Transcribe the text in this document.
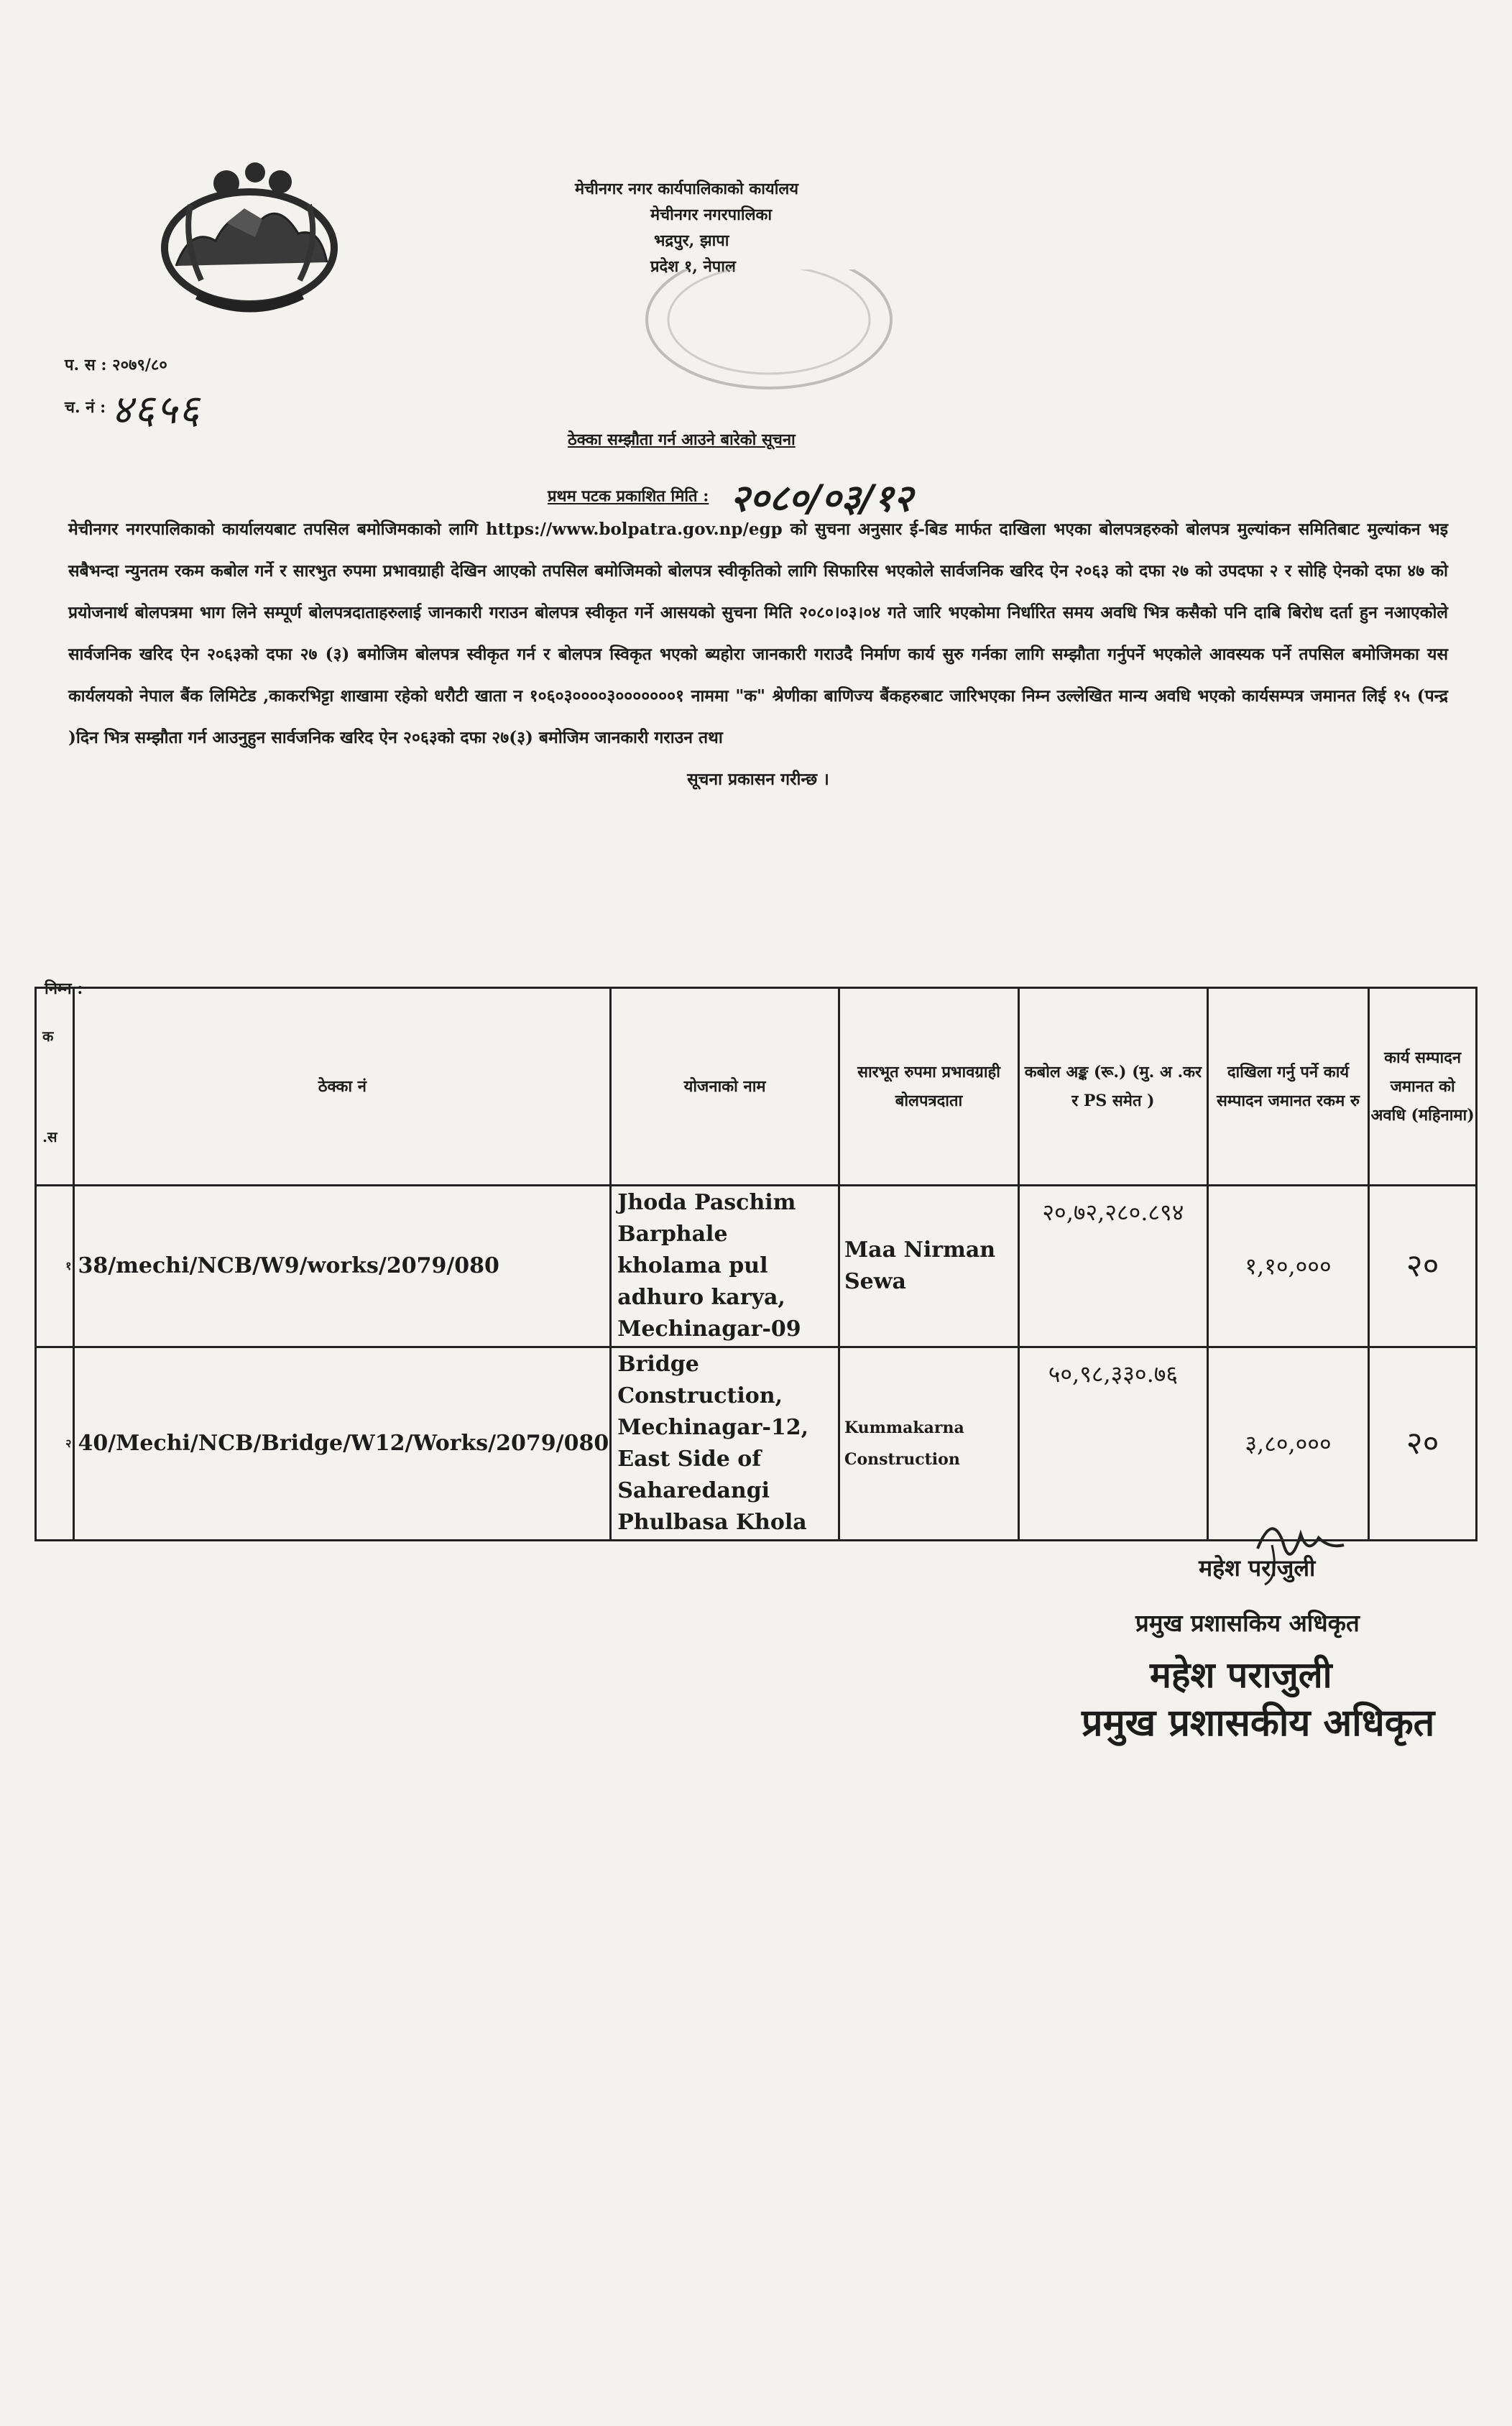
मेचीनगर नगर कार्यपालिकाको कार्यालय
मेचीनगर नगरपालिका
भद्रपुर, झापा
प्रदेश १, नेपाल
प. स : २०७९/८०
च. नं : ४६५६
ठेक्का सम्झौता गर्न आउने बारेको सूचना
प्रथम पटक प्रकाशित मिति : २०८०/०३/१२

मेचीनगर नगरपालिकाको कार्यालयबाट तपसिल बमोजिमकाको लागि https://www.bolpatra.gov.np/egp को सुचना अनुसार ई-बिड मार्फत दाखिला भएका बोलपत्रहरुको बोलपत्र मुल्यांकन समितिबाट मुल्यांकन भइ सबैभन्दा न्युनतम रकम कबोल गर्ने र सारभुत रुपमा प्रभावग्राही देखिन आएको तपसिल बमोजिमको बोलपत्र स्वीकृतिको लागि सिफारिस भएकोले सार्वजनिक खरिद ऐन २०६३ को दफा २७ को उपदफा २ र सोहि ऐनको दफा ४७ को प्रयोजनार्थ बोलपत्रमा भाग लिने सम्पूर्ण बोलपत्रदाताहरुलाई जानकारी गराउन बोलपत्र स्वीकृत गर्ने आसयको सुचना मिति २०८०।०३।०४ गते जारि भएकोमा निर्धारित समय अवधि भित्र कसैको पनि दाबि बिरोध दर्ता हुन नआएकोले सार्वजनिक खरिद ऐन २०६३को दफा २७ (३) बमोजिम बोलपत्र स्वीकृत गर्न र बोलपत्र स्विकृत भएको ब्यहोरा जानकारी गराउदै निर्माण कार्य सुरु गर्नका लागि सम्झौता गर्नुपर्ने भएकोले आवस्यक पर्ने तपसिल बमोजिमका यस कार्यलयको नेपाल बैंक लिमिटेड ,काकरभिट्टा शाखामा रहेको धरौटी खाता न १०६०३००००३०००००००१ नाममा "क" श्रेणीका बाणिज्य बैंकहरुबाट जारिभएका निम्न उल्लेखित मान्य अवधि भएको कार्यसम्पत्र जमानत लिई १५ (पन्द्र )दिन भित्र सम्झौता गर्न आउनुहुन सार्वजनिक खरिद ऐन २०६३को दफा २७(३) बमोजिम जानकारी गराउन तथा

सूचना प्रकासन गरीन्छ ।

निम्न :
क
.स	ठेक्का नं	योजनाको नाम	सारभूत रुपमा प्रभावग्राही बोलपत्रदाता	कबोल अङ्क (रू.) (मु. अ .कर र PS समेत )	दाखिला गर्नु पर्ने कार्य सम्पादन जमानत रकम रु	कार्य सम्पादन जमानत को अवधि (महिनामा)
१	38/mechi/NCB/W9/works/2079/080	Jhoda Paschim Barphale kholama pul adhuro karya, Mechinagar-09	Maa Nirman Sewa	२०,७२,२८०.८९४	१,१०,०००	२०
२	40/Mechi/NCB/Bridge/W12/Works/2079/080	Bridge Construction, Mechinagar-12, East Side of Saharedangi Phulbasa Khola	Kummakarna Construction	५०,९८,३३०.७६	३,८०,०००	२०
महेश पराजुली
प्रमुख प्रशासकिय अधिकृत
महेश पराजुली
प्रमुख प्रशासकीय अधिकृत
